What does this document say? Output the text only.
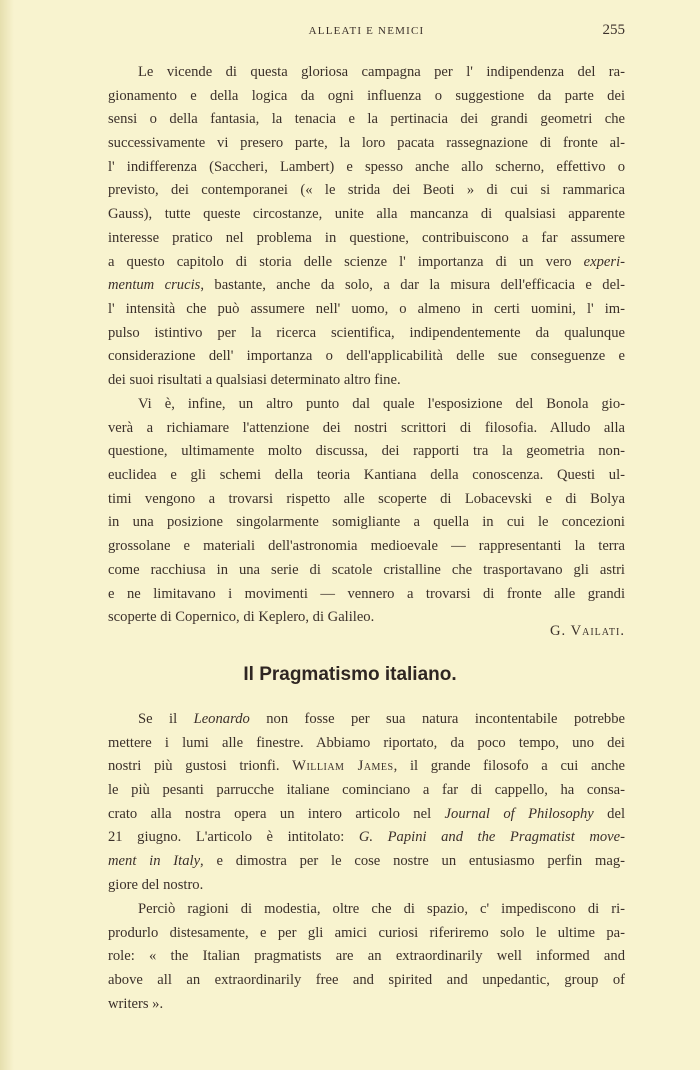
ALLEATI E NEMICI	255
Le vicende di questa gloriosa campagna per l' indipendenza del ra-
gionamento e della logica da ogni influenza o suggestione da parte dei
sensi o della fantasia, la tenacia e la pertinacia dei grandi geometri che
successivamente vi presero parte, la loro pacata rassegnazione di fronte al-
l' indifferenza (Saccheri, Lambert) e spesso anche allo scherno, effettivo o
previsto, dei contemporanei (« le strida dei Beoti » di cui si rammarica
Gauss), tutte queste circostanze, unite alla mancanza di qualsiasi apparente
interesse pratico nel problema in questione, contribuiscono a far assumere
a questo capitolo di storia delle scienze l' importanza di un vero experi-
mentum crucis, bastante, anche da solo, a dar la misura dell'efficacia e del-
l' intensità che può assumere nell' uomo, o almeno in certi uomini, l' im-
pulso istintivo per la ricerca scientifica, indipendentemente da qualunque
considerazione dell' importanza o dell'applicabilità delle sue conseguenze e
dei suoi risultati a qualsiasi determinato altro fine.
Vi è, infine, un altro punto dal quale l'esposizione del Bonola gio-
verà a richiamare l'attenzione dei nostri scrittori di filosofia. Alludo alla
questione, ultimamente molto discussa, dei rapporti tra la geometria non-
euclidea e gli schemi della teoria Kantiana della conoscenza. Questi ul-
timi vengono a trovarsi rispetto alle scoperte di Lobacevski e di Bolya
in una posizione singolarmente somigliante a quella in cui le concezioni
grossolane e materiali dell'astronomia medioevale — rappresentanti la terra
come racchiusa in una serie di scatole cristalline che trasportavano gli astri
e ne limitavano i movimenti — vennero a trovarsi di fronte alle grandi
scoperte di Copernico, di Keplero, di Galileo.
G. Vailati.
Il Pragmatismo italiano.
Se il Leonardo non fosse per sua natura incontentabile potrebbe
mettere i lumi alle finestre. Abbiamo riportato, da poco tempo, uno dei
nostri più gustosi trionfi. William James, il grande filosofo a cui anche
le più pesanti parrucche italiane cominciano a far di cappello, ha consa-
crato alla nostra opera un intero articolo nel Journal of Philosophy del
21 giugno. L'articolo è intitolato: G. Papini and the Pragmatist move-
ment in Italy, e dimostra per le cose nostre un entusiasmo perfin mag-
giore del nostro.
Perciò ragioni di modestia, oltre che di spazio, c' impediscono di ri-
produrlo distesamente, e per gli amici curiosi riferiremo solo le ultime pa-
role: « the Italian pragmatists are an extraordinarily well informed and
above all an extraordinarily free and spirited and unpedantic, group of
writers ».
